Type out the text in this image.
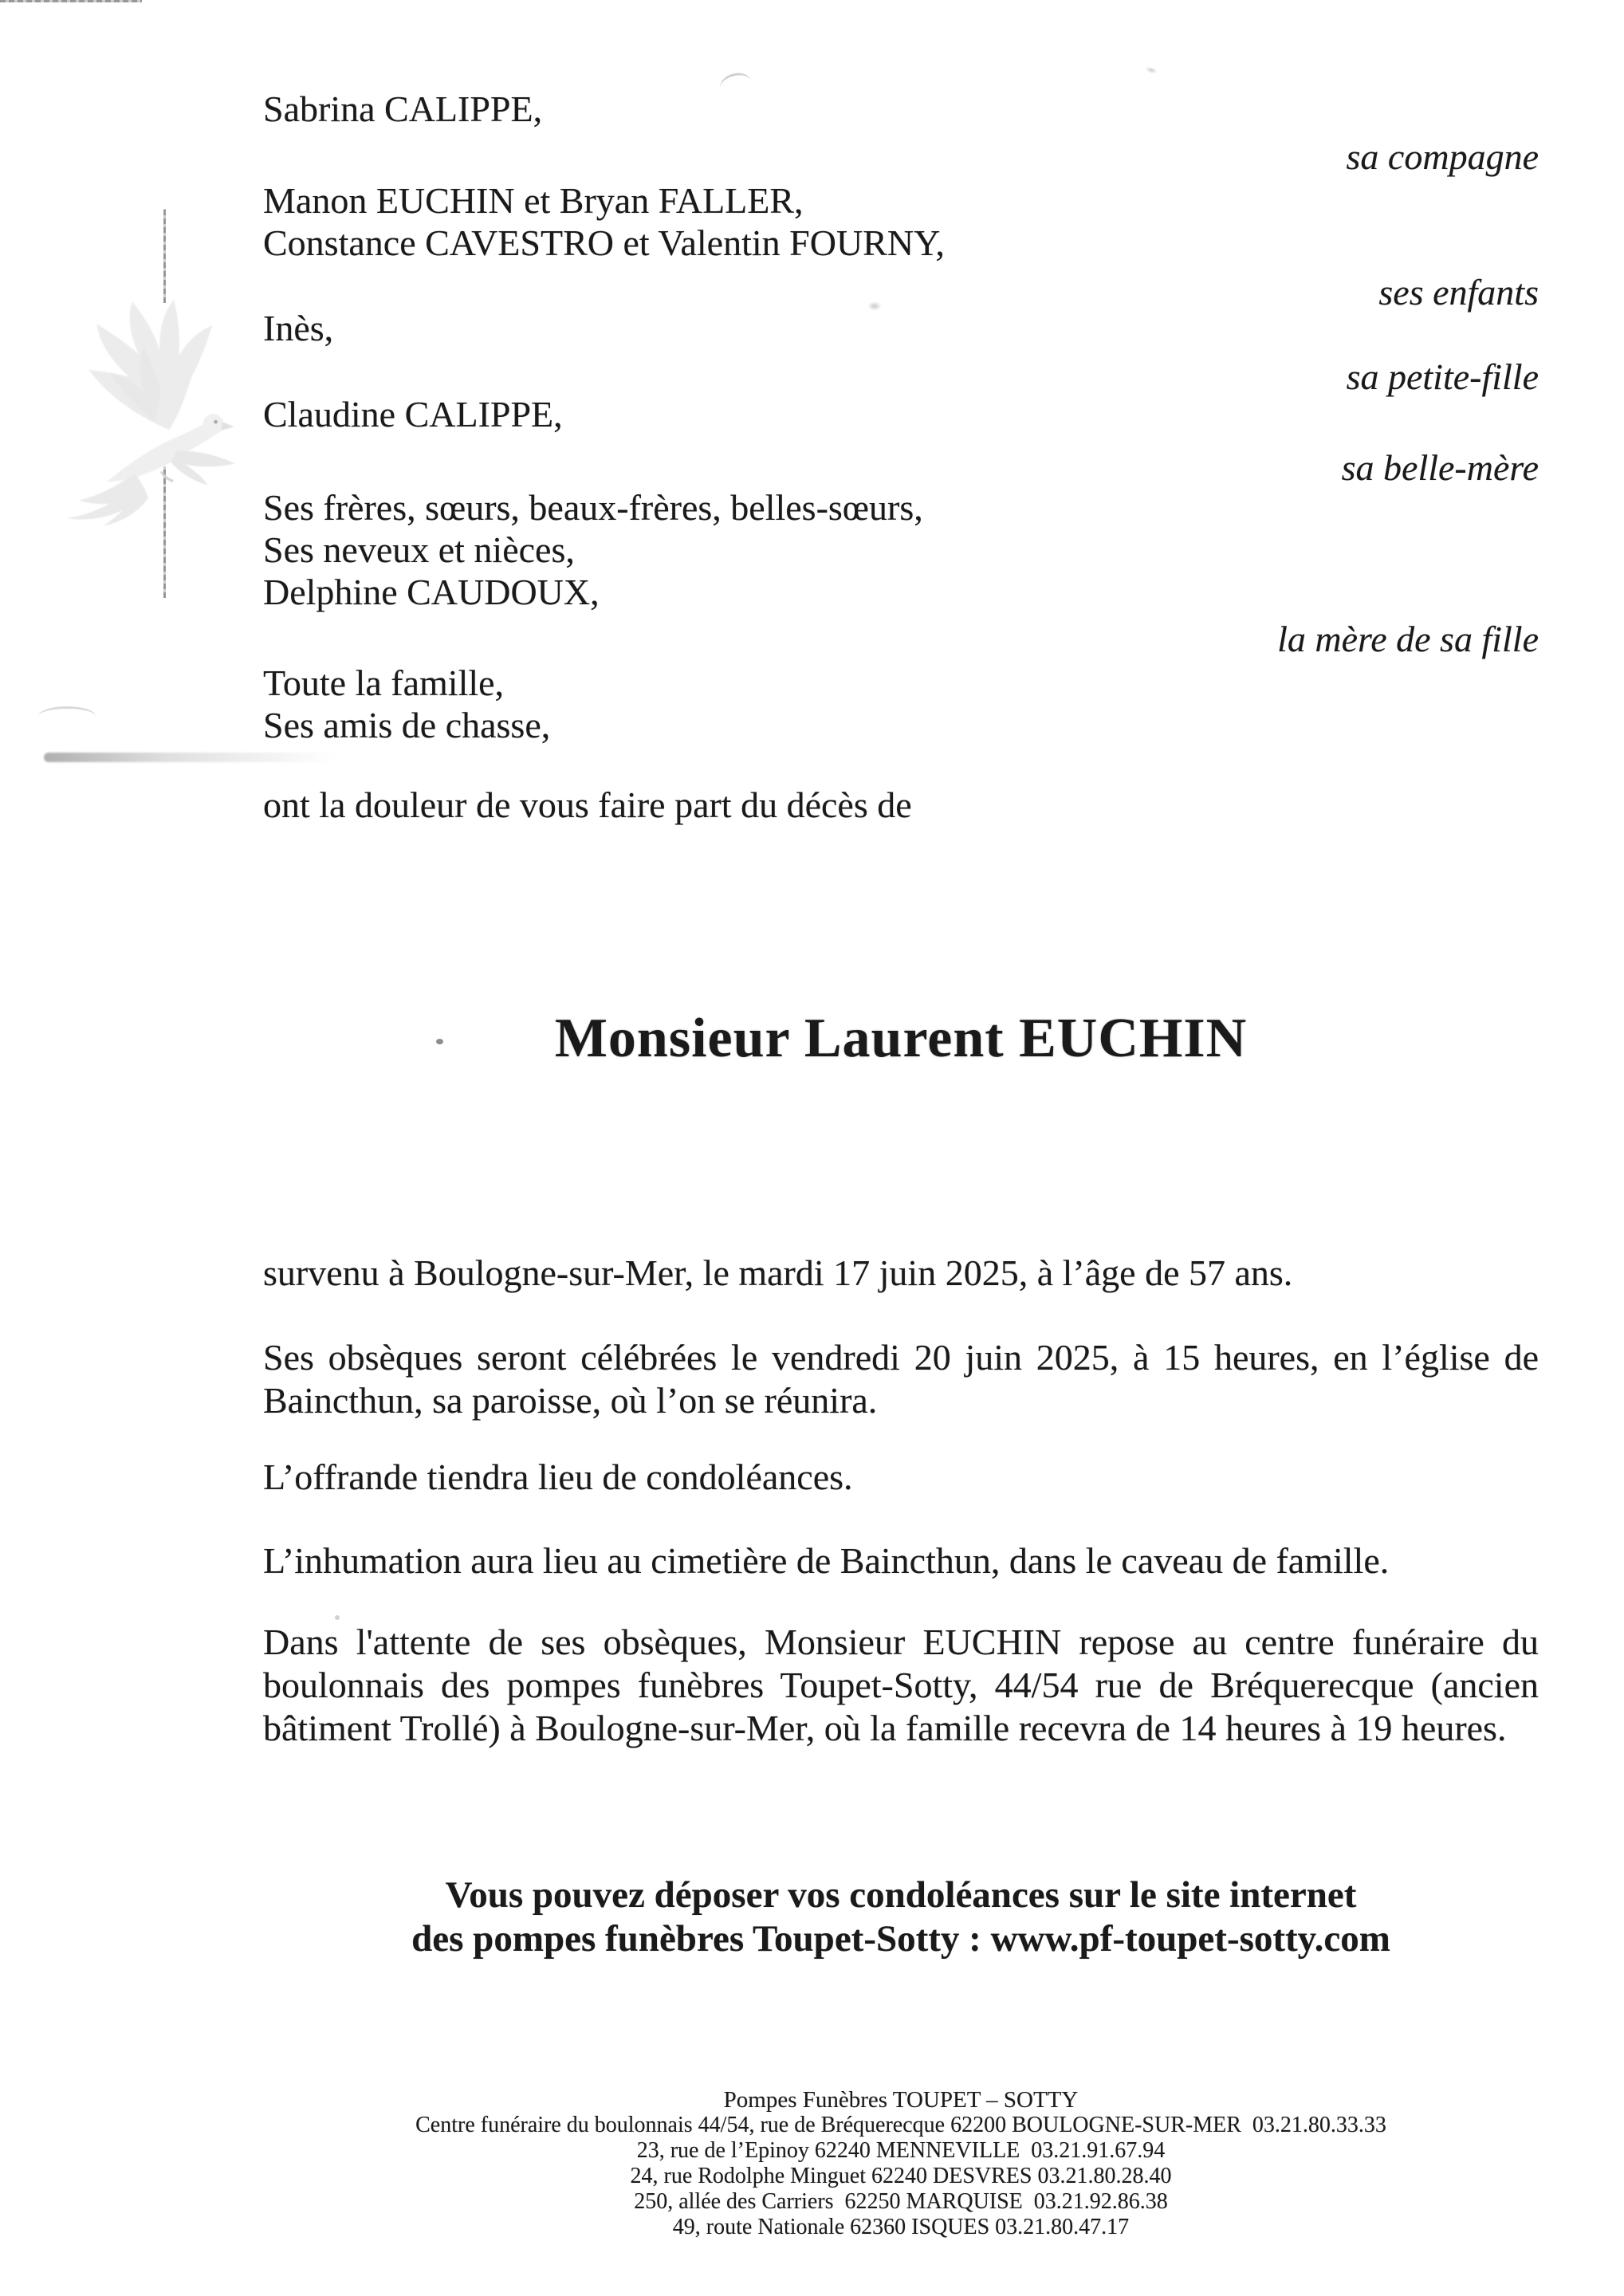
Sabrina CALIPPE,
Manon EUCHIN et Bryan FALLER,
Constance CAVESTRO et Valentin FOURNY,
Inès,
Claudine CALIPPE,
Ses frères, sœurs, beaux-frères, belles-sœurs,
Ses neveux et nièces,
Delphine CAUDOUX,
Toute la famille,
Ses amis de chasse,
ont la douleur de vous faire part du décès de
sa compagne
ses enfants
sa petite-fille
sa belle-mère
la mère de sa fille
Monsieur Laurent EUCHIN
survenu à Boulogne-sur-Mer, le mardi 17 juin 2025, à l’âge de 57 ans.
Ses obsèques seront célébrées le vendredi 20 juin 2025, à 15 heures, en l’église de Baincthun, sa paroisse, où l’on se réunira.
L’offrande tiendra lieu de condoléances.
L’inhumation aura lieu au cimetière de Baincthun, dans le caveau de famille.
Dans l'attente de ses obsèques, Monsieur EUCHIN repose au centre funéraire du boulonnais des pompes funèbres Toupet-Sotty, 44/54 rue de Bréquerecque (ancien bâtiment Trollé) à Boulogne-sur-Mer, où la famille recevra de 14 heures à 19 heures.
Vous pouvez déposer vos condoléances sur le site internet
des pompes funèbres Toupet-Sotty : www.pf-toupet-sotty.com
Pompes Funèbres TOUPET – SOTTY
Centre funéraire du boulonnais 44/54, rue de Bréquerecque 62200 BOULOGNE-SUR-MER  03.21.80.33.33
23, rue de l’Epinoy 62240 MENNEVILLE  03.21.91.67.94
24, rue Rodolphe Minguet 62240 DESVRES 03.21.80.28.40
250, allée des Carriers  62250 MARQUISE  03.21.92.86.38
49, route Nationale 62360 ISQUES 03.21.80.47.17
